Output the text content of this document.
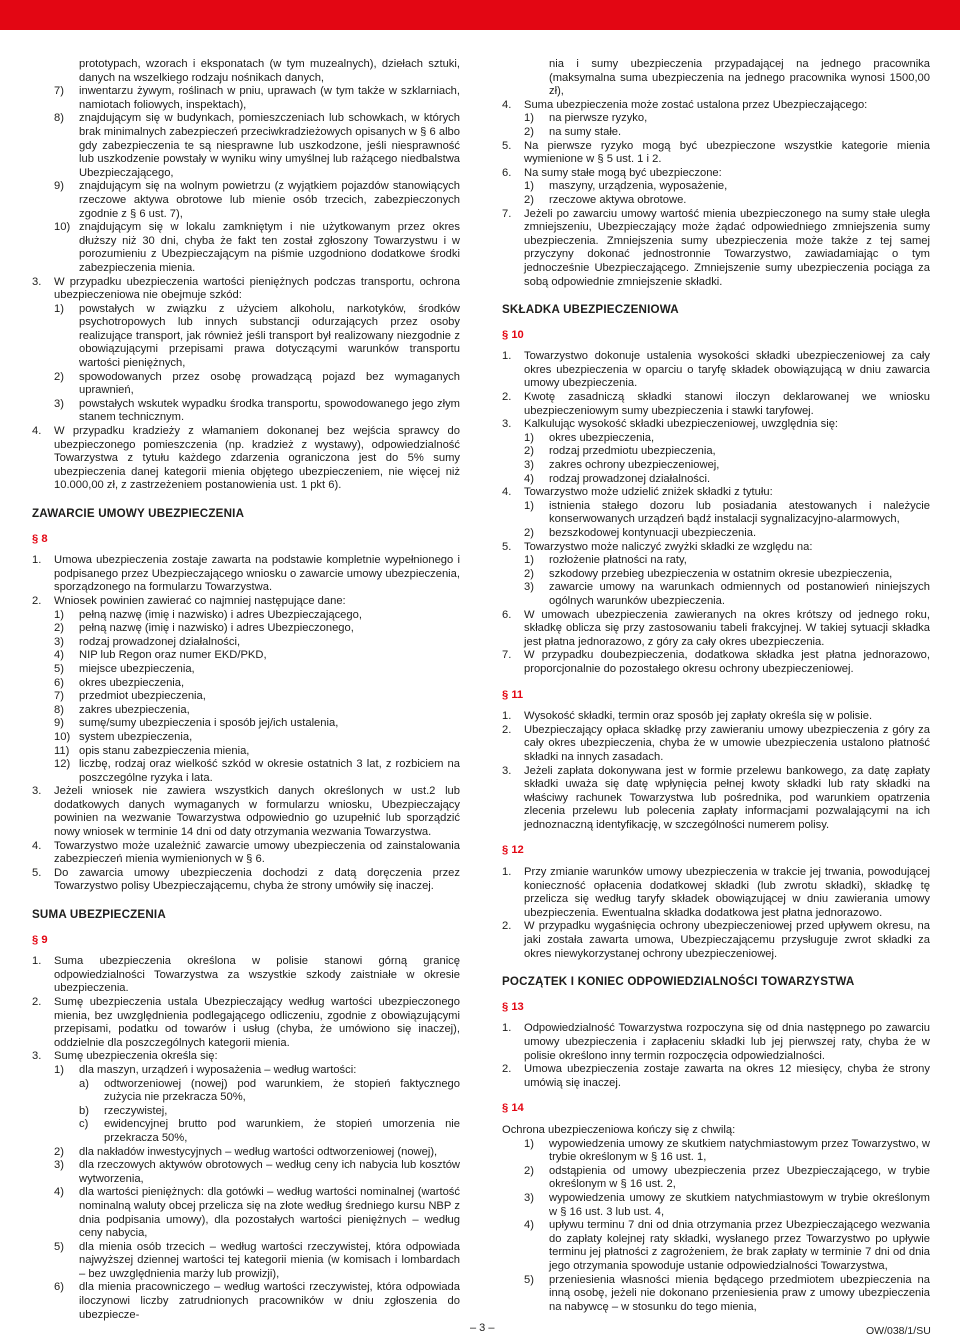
prototypach, wzorach i eksponatach (w tym muzealnych), dziełach sztuki, danych na wszelkiego rodzaju nośnikach danych,
7)	inwentarzu żywym, roślinach w pniu, uprawach (w tym także w szklarniach, namiotach foliowych, inspektach),
8)	znajdującym się w budynkach, pomieszczeniach lub schowkach, w których brak minimalnych zabezpieczeń przeciwkradzieżowych opisanych w § 6 albo gdy zabezpieczenia te są niesprawne lub uszkodzone, jeśli niesprawność lub uszkodzenie powstały w wyniku winy umyślnej lub rażącego niedbalstwa Ubezpieczającego,
9)	znajdującym się na wolnym powietrzu (z wyjątkiem pojazdów stanowiących rzeczowe aktywa obrotowe lub mienie osób trzecich, zabezpieczonych zgodnie z § 6 ust. 7),
10) znajdującym się w lokalu zamkniętym i nie użytkowanym przez okres dłuższy niż 30 dni, chyba że fakt ten został zgłoszony Towarzystwu i w porozumieniu z Ubezpieczającym na piśmie uzgodniono dodatkowe środki zabezpieczenia mienia.
3.	W przypadku ubezpieczenia wartości pieniężnych podczas transportu, ochrona ubezpieczeniowa nie obejmuje szkód:
1)	powstałych w związku z użyciem alkoholu, narkotyków, środków psychotropowych lub innych substancji odurzających przez osoby realizujące transport, jak również jeśli transport był realizowany niezgodnie z obowiązującymi przepisami prawa dotyczącymi warunków transportu wartości pieniężnych,
2)	spowodowanych przez osobę prowadzącą pojazd bez wymaganych uprawnień,
3)	powstałych wskutek wypadku środka transportu, spowodowanego jego złym stanem technicznym.
4.	W przypadku kradzieży z włamaniem dokonanej bez wejścia sprawcy do ubezpieczonego pomieszczenia (np. kradzież z wystawy), odpowiedzialność Towarzystwa z tytułu każdego zdarzenia ograniczona jest do 5% sumy ubezpieczenia danej kategorii mienia objętego ubezpieczeniem, nie więcej niż 10.000,00 zł, z zastrzeżeniem postanowienia ust. 1 pkt 6).
ZAWARCIE UMOWY UBEZPIECZENIA
§ 8
1.	Umowa ubezpieczenia zostaje zawarta na podstawie kompletnie wypełnionego i podpisanego przez Ubezpieczającego wniosku o zawarcie umowy ubezpieczenia, sporządzonego na formularzu Towarzystwa.
2.	Wniosek powinien zawierać co najmniej następujące dane:
1)	pełną nazwę (imię i nazwisko) i adres Ubezpieczającego,
2)	pełną nazwę (imię i nazwisko) i adres Ubezpieczonego,
3)	rodzaj prowadzonej działalności,
4)	NIP lub Regon oraz numer EKD/PKD,
5)	miejsce ubezpieczenia,
6)	okres ubezpieczenia,
7)	przedmiot ubezpieczenia,
8)	zakres ubezpieczenia,
9)	sumę/sumy ubezpieczenia i sposób jej/ich ustalenia,
10) system ubezpieczenia,
11) opis stanu zabezpieczenia mienia,
12) liczbę, rodzaj oraz wielkość szkód w okresie ostatnich 3 lat, z rozbiciem na poszczególne ryzyka i lata.
3.	Jeżeli wniosek nie zawiera wszystkich danych określonych w ust.2 lub dodatkowych danych wymaganych w formularzu wniosku, Ubezpieczający powinien na wezwanie Towarzystwa odpowiednio go uzupełnić lub sporządzić nowy wniosek w terminie 14 dni od daty otrzymania wezwania Towarzystwa.
4.	Towarzystwo może uzależnić zawarcie umowy ubezpieczenia od zainstalowania zabezpieczeń mienia wymienionych w § 6.
5.	Do zawarcia umowy ubezpieczenia dochodzi z datą doręczenia przez Towarzystwo polisy Ubezpieczającemu, chyba że strony umówiły się inaczej.
SUMA UBEZPIECZENIA
§ 9
1.	Suma ubezpieczenia określona w polisie stanowi górną granicę odpowiedzialności Towarzystwa za wszystkie szkody zaistniałe w okresie ubezpieczenia.
2.	Sumę ubezpieczenia ustala Ubezpieczający według wartości ubezpieczonego mienia, bez uwzględnienia podlegającego odliczeniu, zgodnie z obowiązującymi przepisami, podatku od towarów i usług (chyba, że umówiono się inaczej), oddzielnie dla poszczególnych kategorii mienia.
3.	Sumę ubezpieczenia określa się:
1)	dla maszyn, urządzeń i wyposażenia – według wartości:
a)	odtworzeniowej (nowej) pod warunkiem, że stopień faktycznego zużycia nie przekracza 50%,
b)	rzeczywistej,
c)	ewidencyjnej brutto pod warunkiem, że stopień umorzenia nie przekracza 50%,
2)	dla nakładów inwestycyjnych – według wartości odtworzeniowej (nowej),
3)	dla rzeczowych aktywów obrotowych – według ceny ich nabycia lub kosztów wytworzenia,
4)	dla wartości pieniężnych: dla gotówki – według wartości nominalnej (wartość nominalną waluty obcej przelicza się na złote według średniego kursu NBP z dnia podpisania umowy), dla pozostałych wartości pieniężnych – według ceny nabycia,
5)	dla mienia osób trzecich – według wartości rzeczywistej, która odpowiada najwyższej dziennej wartości tej kategorii mienia (w komisach i lombardach – bez uwzględnienia marży lub prowizji),
6)	dla mienia pracowniczego – według wartości rzeczywistej, która odpowiada iloczynowi liczby zatrudnionych pracowników w dniu zgłoszenia do ubezpiecze-
nia i sumy ubezpieczenia przypadającej na jednego pracownika (maksymalna suma ubezpieczenia na jednego pracownika wynosi 1500,00 zł),
4.	Suma ubezpieczenia może zostać ustalona przez Ubezpieczającego:
1)	na pierwsze ryzyko,
2)	na sumy stałe.
5.	Na pierwsze ryzyko mogą być ubezpieczone wszystkie kategorie mienia wymienione w § 5 ust. 1 i 2.
6.	Na sumy stałe mogą być ubezpieczone:
1)	maszyny, urządzenia, wyposażenie,
2)	rzeczowe aktywa obrotowe.
7.	Jeżeli po zawarciu umowy wartość mienia ubezpieczonego na sumy stałe uległa zmniejszeniu, Ubezpieczający może żądać odpowiedniego zmniejszenia sumy ubezpieczenia. Zmniejszenia sumy ubezpieczenia może także z tej samej przyczyny dokonać jednostronnie Towarzystwo, zawiadamiając o tym jednocześnie Ubezpieczającego. Zmniejszenie sumy ubezpieczenia pociąga za sobą odpowiednie zmniejszenie składki.
SKŁADKA UBEZPIECZENIOWA
§ 10
1.	Towarzystwo dokonuje ustalenia wysokości składki ubezpieczeniowej za cały okres ubezpieczenia w oparciu o taryfę składek obowiązującą w dniu zawarcia umowy ubezpieczenia.
2.	Kwotę zasadniczą składki stanowi iloczyn deklarowanej we wniosku ubezpieczeniowym sumy ubezpieczenia i stawki taryfowej.
3.	Kalkulując wysokość składki ubezpieczeniowej, uwzględnia się:
1)	okres ubezpieczenia,
2)	rodzaj przedmiotu ubezpieczenia,
3)	zakres ochrony ubezpieczeniowej,
4)	rodzaj prowadzonej działalności.
4.	Towarzystwo może udzielić zniżek składki z tytułu:
1)	istnienia stałego dozoru lub posiadania atestowanych i należycie konserwowanych urządzeń bądź instalacji sygnalizacyjno-alarmowych,
2)	bezszkodowej kontynuacji ubezpieczenia.
5.	Towarzystwo może naliczyć zwyżki składki ze względu na:
1)	rozłożenie płatności na raty,
2)	szkodowy przebieg ubezpieczenia w ostatnim okresie ubezpieczenia,
3)	zawarcie umowy na warunkach odmiennych od postanowień niniejszych ogólnych warunków ubezpieczenia.
6.	W umowach ubezpieczenia zawieranych na okres krótszy od jednego roku, składkę oblicza się przy zastosowaniu tabeli frakcyjnej. W takiej sytuacji składka jest płatna jednorazowo, z góry za cały okres ubezpieczenia.
7.	W przypadku doubezpieczenia, dodatkowa składka jest płatna jednorazowo, proporcjonalnie do pozostałego okresu ochrony ubezpieczeniowej.
§ 11
1.	Wysokość składki, termin oraz sposób jej zapłaty określa się w polisie.
2.	Ubezpieczający opłaca składkę przy zawieraniu umowy ubezpieczenia z góry za cały okres ubezpieczenia, chyba że w umowie ubezpieczenia ustalono płatność składki na innych zasadach.
3.	Jeżeli zapłata dokonywana jest w formie przelewu bankowego, za datę zapłaty składki uważa się datę wpłynięcia pełnej kwoty składki lub raty składki na właściwy rachunek Towarzystwa lub pośrednika, pod warunkiem opatrzenia zlecenia przelewu lub polecenia zapłaty informacjami pozwalającymi na ich jednoznaczną identyfikację, w szczególności numerem polisy.
§ 12
1.	Przy zmianie warunków umowy ubezpieczenia w trakcie jej trwania, powodującej konieczność opłacenia dodatkowej składki (lub zwrotu składki), składkę tę przelicza się według taryfy składek obowiązującej w dniu zawierania umowy ubezpieczenia. Ewentualna składka dodatkowa jest płatna jednorazowo.
2.	W przypadku wygaśnięcia ochrony ubezpieczeniowej przed upływem okresu, na jaki została zawarta umowa, Ubezpieczającemu przysługuje zwrot składki za okres niewykorzystanej ochrony ubezpieczeniowej.
POCZĄTEK I KONIEC ODPOWIEDZIALNOŚCI TOWARZYSTWA
§ 13
1.	Odpowiedzialność Towarzystwa rozpoczyna się od dnia następnego po zawarciu umowy ubezpieczenia i zapłaceniu składki lub jej pierwszej raty, chyba że w polisie określono inny termin rozpoczęcia odpowiedzialności.
2.	Umowa ubezpieczenia zostaje zawarta na okres 12 miesięcy, chyba że strony umówią się inaczej.
§ 14
Ochrona ubezpieczeniowa kończy się z chwilą:
1)	wypowiedzenia umowy ze skutkiem natychmiastowym przez Towarzystwo, w trybie określonym w § 16 ust. 1,
2)	odstąpienia od umowy ubezpieczenia przez Ubezpieczającego, w trybie określonym w § 16 ust. 2,
3)	wypowiedzenia umowy ze skutkiem natychmiastowym w trybie określonym w § 16 ust. 3 lub ust. 4,
4)	upływu terminu 7 dni od dnia otrzymania przez Ubezpieczającego wezwania do zapłaty kolejnej raty składki, wysłanego przez Towarzystwo po upływie terminu jej płatności z zagrożeniem, że brak zapłaty w terminie 7 dni od dnia jego otrzymania spowoduje ustanie odpowiedzialności Towarzystwa,
5)	przeniesienia własności mienia będącego przedmiotem ubezpieczenia na inną osobę, jeżeli nie dokonano przeniesienia praw z umowy ubezpieczenia na nabywcę – w stosunku do tego mienia,
– 3 –	OW/038/1/SU
